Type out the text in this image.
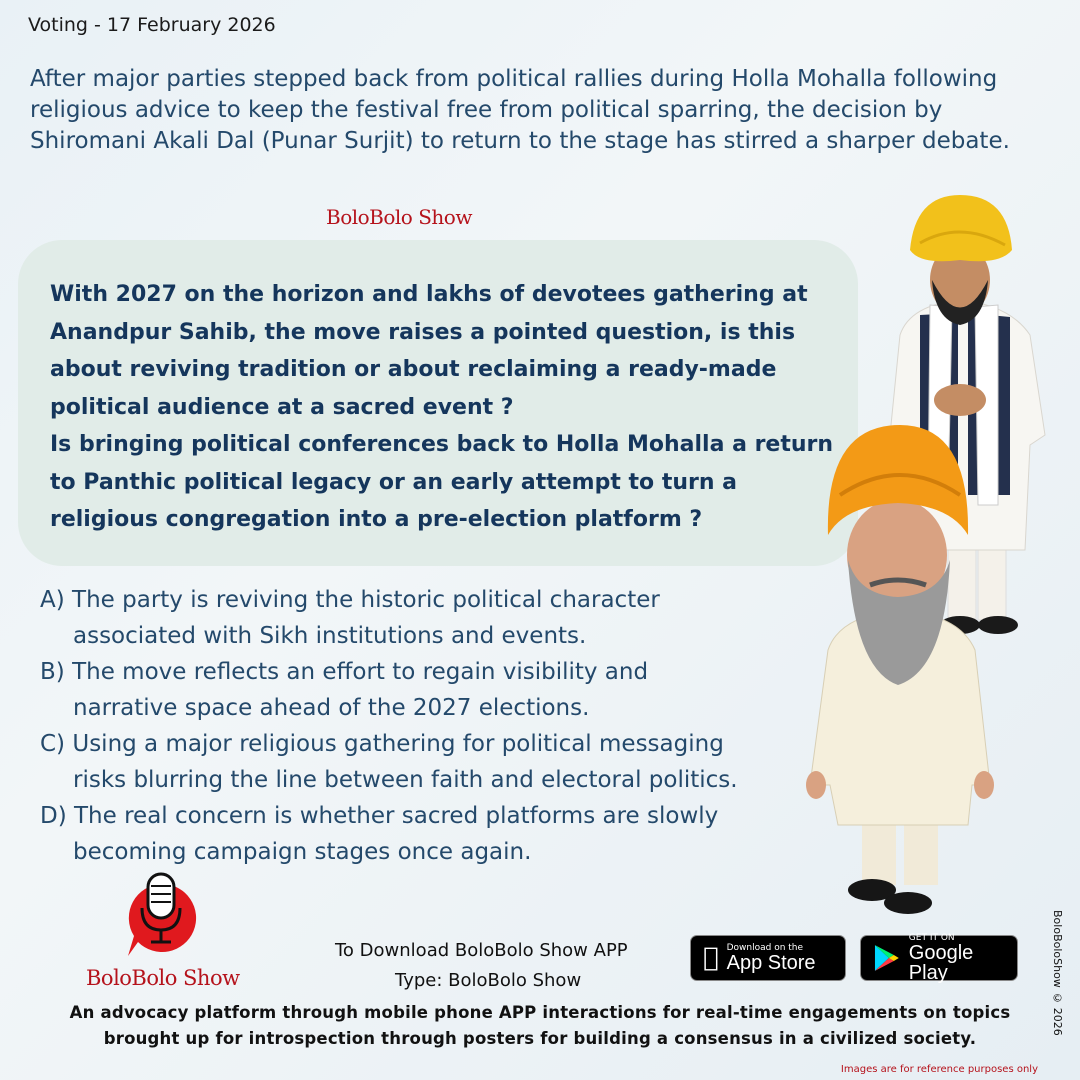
Voting - 17 February 2026
After major parties stepped back from political rallies during Holla Mohalla following religious advice to keep the festival free from political sparring, the decision by Shiromani Akali Dal (Punar Surjit) to return to the stage has stirred a sharper debate.
BoloBolo Show
With 2027 on the horizon and lakhs of devotees gathering at Anandpur Sahib, the move raises a pointed question, is this about reviving tradition or about reclaiming a ready-made political audience at a sacred event ?
Is bringing political conferences back to Holla Mohalla a return to Panthic political legacy or an early attempt to turn a religious congregation into a pre-election platform ?
A) The party is reviving the historic political character
associated with Sikh institutions and events.
B) The move reflects an effort to regain visibility and
narrative space ahead of the 2027 elections.
C) Using a major religious gathering for political messaging
risks blurring the line between faith and electoral politics.
D) The real concern is whether sacred platforms are slowly
becoming campaign stages once again.
BoloBolo Show
To Download BoloBolo Show APP
Type: BoloBolo Show
Download on the
App Store
GET IT ON
Google Play
An advocacy platform through mobile phone APP interactions for real-time engagements on topics
brought up for introspection through posters for building a consensus in a civilized society.
BoloBoloShow © 2026
Images are for reference purposes only
